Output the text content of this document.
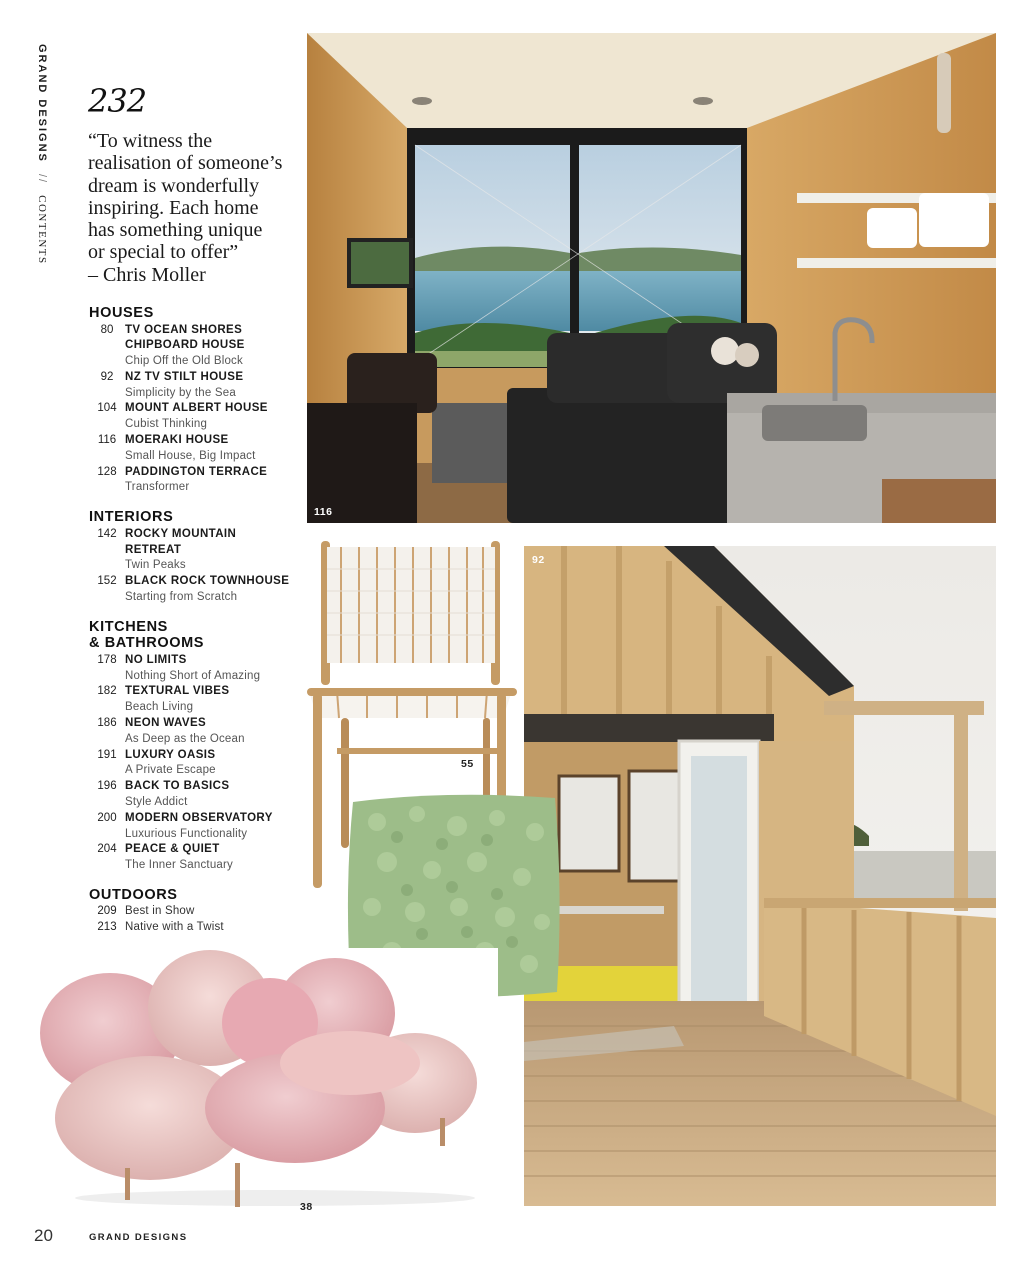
GRAND DESIGNS // CONTENTS
232
“To witness the
realisation of someone’s
dream is wonderfully
inspiring. Each home
has something unique
or special to offer”
– Chris Moller
HOUSES
80	TV OCEAN SHORES
CHIPBOARD HOUSE
Chip Off the Old Block
92	NZ TV STILT HOUSE
Simplicity by the Sea
104 MOUNT ALBERT HOUSE
Cubist Thinking
116 MOERAKI HOUSE
Small House, Big Impact
128 PADDINGTON TERRACE
Transformer
INTERIORS
142 ROCKY MOUNTAIN
RETREAT
Twin Peaks
152 BLACK ROCK TOWNHOUSE
Starting from Scratch
KITCHENS
& BATHROOMS
178 NO LIMITS
Nothing Short of Amazing
182 TEXTURAL VIBES
Beach Living
186 NEON WAVES
As Deep as the Ocean
191 LUXURY OASIS
A Private Escape
196 BACK TO BASICS
Style Addict
200 MODERN OBSERVATORY
Luxurious Functionality
204 PEACE & QUIET
The Inner Sanctuary
OUTDOORS
209 Best in Show
213 Native with a Twist
116
55
92
38
20	GRAND DESIGNS
